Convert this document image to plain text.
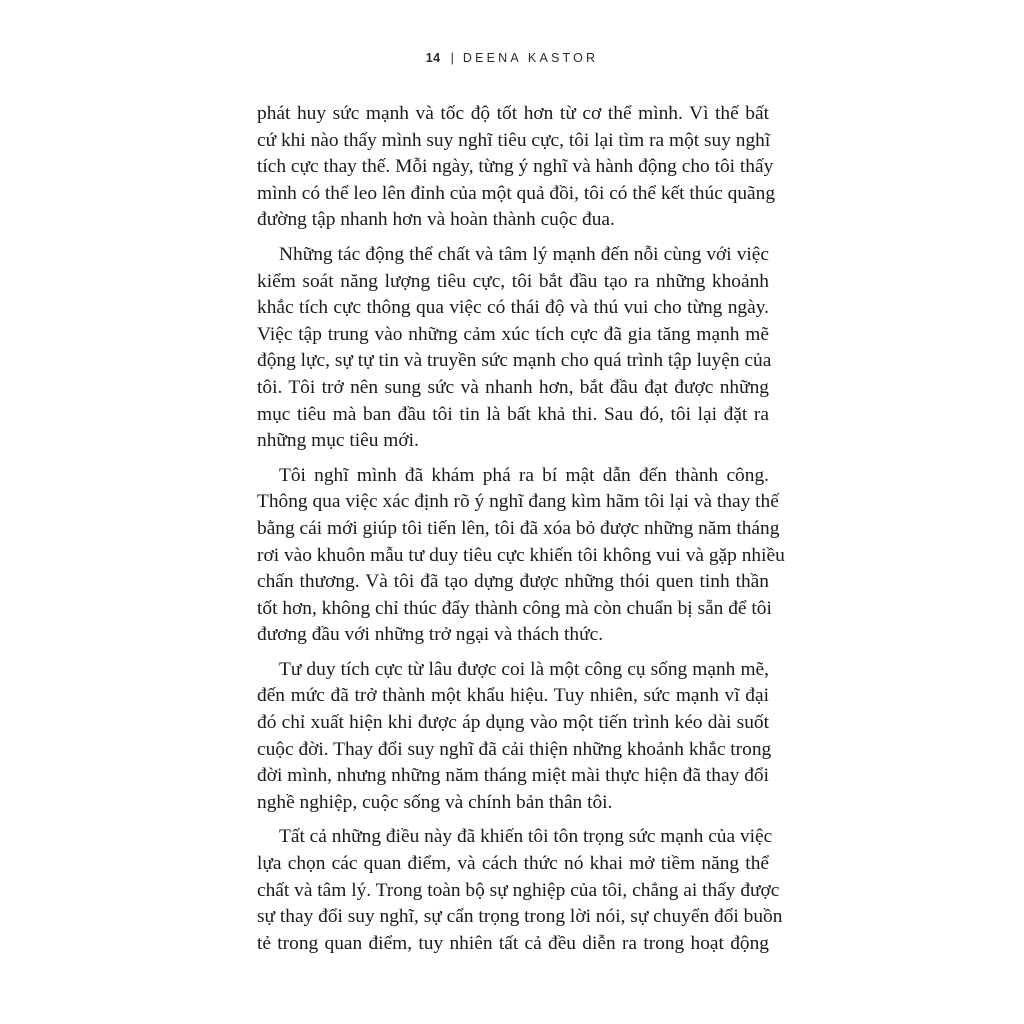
14 | DEENA KASTOR

phát huy sức mạnh và tốc độ tốt hơn từ cơ thể mình. Vì thế bất
cứ khi nào thấy mình suy nghĩ tiêu cực, tôi lại tìm ra một suy nghĩ
tích cực thay thế. Mỗi ngày, từng ý nghĩ và hành động cho tôi thấy
mình có thể leo lên đỉnh của một quả đồi, tôi có thể kết thúc quãng
đường tập nhanh hơn và hoàn thành cuộc đua.

Những tác động thể chất và tâm lý mạnh đến nỗi cùng với việc
kiểm soát năng lượng tiêu cực, tôi bắt đầu tạo ra những khoảnh
khắc tích cực thông qua việc có thái độ và thú vui cho từng ngày.
Việc tập trung vào những cảm xúc tích cực đã gia tăng mạnh mẽ
động lực, sự tự tin và truyền sức mạnh cho quá trình tập luyện của
tôi. Tôi trở nên sung sức và nhanh hơn, bắt đầu đạt được những
mục tiêu mà ban đầu tôi tin là bất khả thi. Sau đó, tôi lại đặt ra
những mục tiêu mới.

Tôi nghĩ mình đã khám phá ra bí mật dẫn đến thành công.
Thông qua việc xác định rõ ý nghĩ đang kìm hãm tôi lại và thay thế
bằng cái mới giúp tôi tiến lên, tôi đã xóa bỏ được những năm tháng
rơi vào khuôn mẫu tư duy tiêu cực khiến tôi không vui và gặp nhiều
chấn thương. Và tôi đã tạo dựng được những thói quen tinh thần
tốt hơn, không chỉ thúc đẩy thành công mà còn chuẩn bị sẵn để tôi
đương đầu với những trở ngại và thách thức.

Tư duy tích cực từ lâu được coi là một công cụ sống mạnh mẽ,
đến mức đã trở thành một khẩu hiệu. Tuy nhiên, sức mạnh vĩ đại
đó chỉ xuất hiện khi được áp dụng vào một tiến trình kéo dài suốt
cuộc đời. Thay đổi suy nghĩ đã cải thiện những khoảnh khắc trong
đời mình, nhưng những năm tháng miệt mài thực hiện đã thay đổi
nghề nghiệp, cuộc sống và chính bản thân tôi.

Tất cả những điều này đã khiến tôi tôn trọng sức mạnh của việc
lựa chọn các quan điểm, và cách thức nó khai mở tiềm năng thể
chất và tâm lý. Trong toàn bộ sự nghiệp của tôi, chẳng ai thấy được
sự thay đổi suy nghĩ, sự cẩn trọng trong lời nói, sự chuyển đổi buồn
tẻ trong quan điểm, tuy nhiên tất cả đều diễn ra trong hoạt động
